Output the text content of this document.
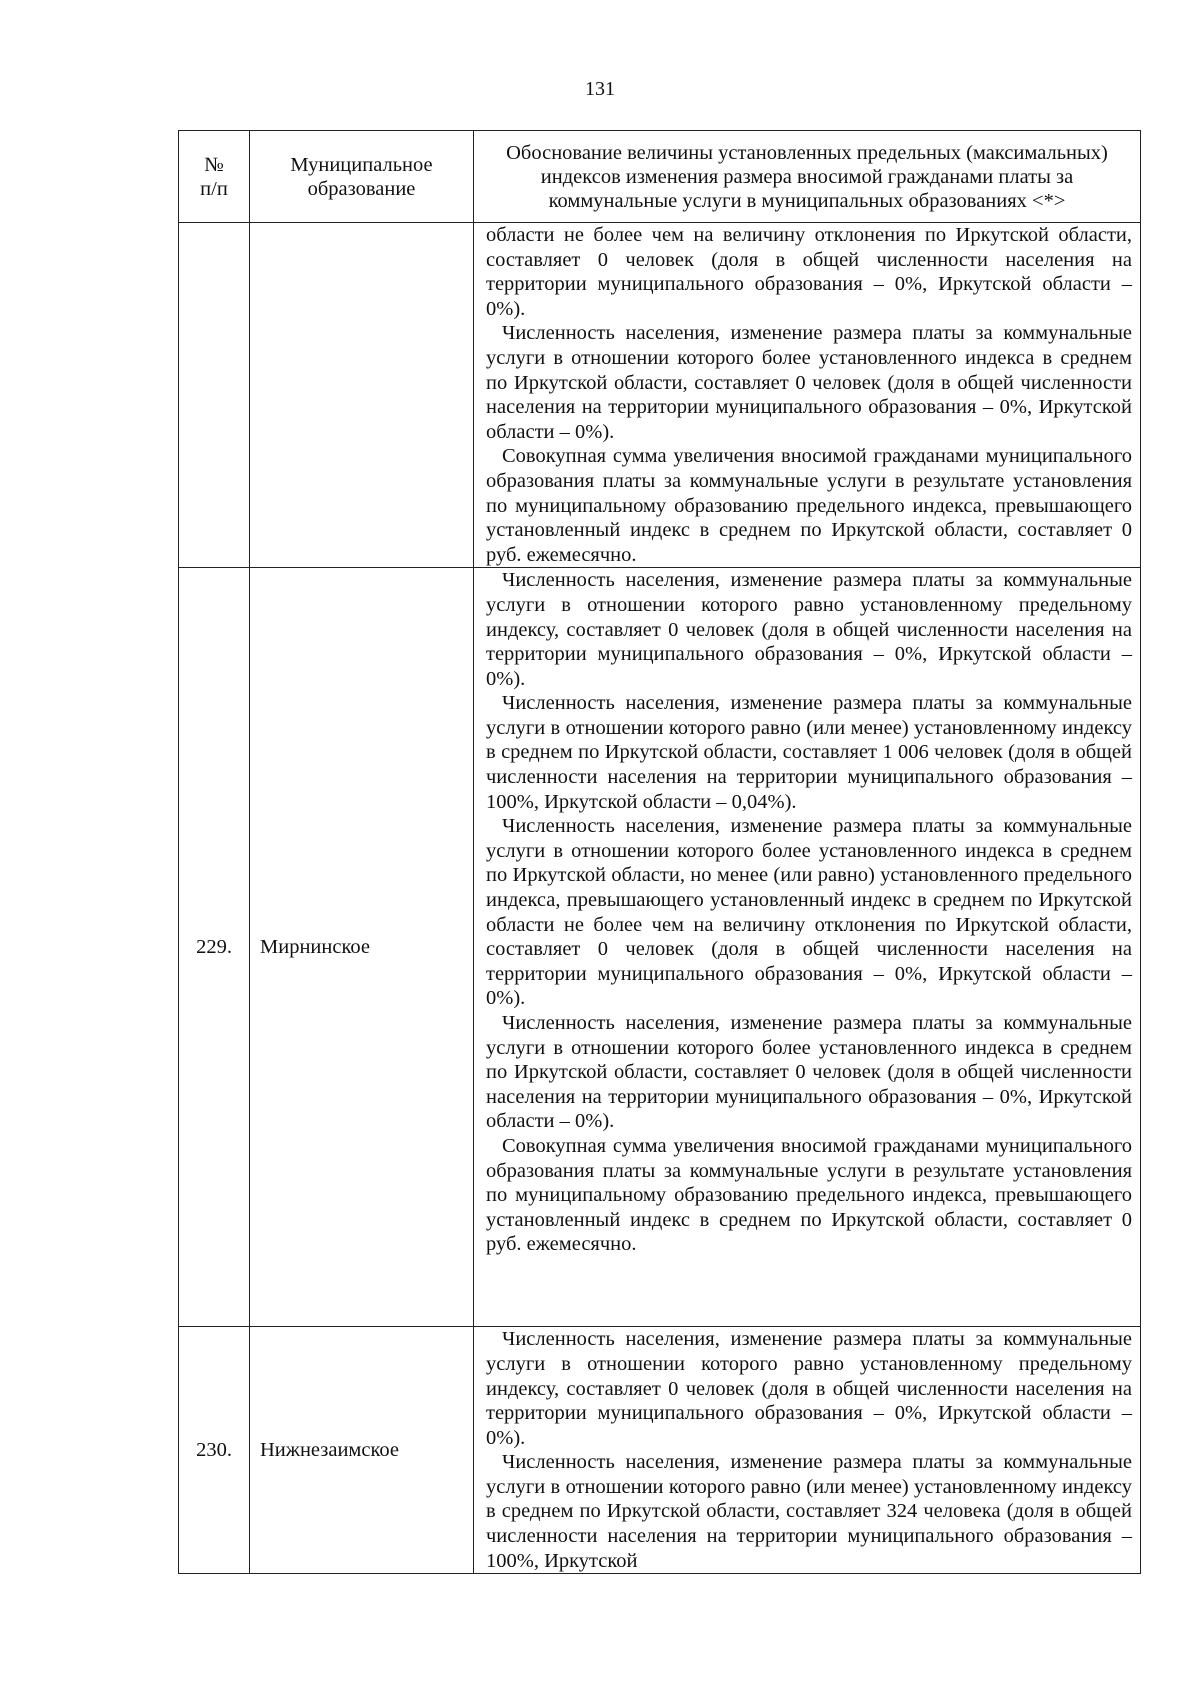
131
№
п/п	Муниципальное образование	Обоснование величины установленных предельных (максимальных) индексов изменения размера вносимой гражданами платы за коммунальные услуги в муниципальных образованиях <*>

		области не более чем на величину отклонения по Иркутской области, составляет 0 человек (доля в общей численности населения на территории муниципального образования – 0%, Иркутской области – 0%).

Численность населения, изменение размера платы за коммунальные услуги в отношении которого более установленного индекса в среднем по Иркутской области, составляет 0 человек (доля в общей численности населения на территории муниципального образования – 0%, Иркутской области – 0%).

Совокупная сумма увеличения вносимой гражданами муниципального образования платы за коммунальные услуги в результате установления по муниципальному образованию предельного индекса, превышающего установленный индекс в среднем по Иркутской области, составляет 0 руб. ежемесячно.

229.	Мирнинское	Численность населения, изменение размера платы за коммунальные услуги в отношении которого равно установленному предельному индексу, составляет 0 человек (доля в общей численности населения на территории муниципального образования – 0%, Иркутской области – 0%).

Численность населения, изменение размера платы за коммунальные услуги в отношении которого равно (или менее) установленному индексу в среднем по Иркутской области, составляет 1 006 человек (доля в общей численности населения на территории муниципального образования – 100%, Иркутской области – 0,04%).

Численность населения, изменение размера платы за коммунальные услуги в отношении которого более установленного индекса в среднем по Иркутской области, но менее (или равно) установленного предельного индекса, превышающего установленный индекс в среднем по Иркутской области не более чем на величину отклонения по Иркутской области, составляет 0 человек (доля в общей численности населения на территории муниципального образования – 0%, Иркутской области – 0%).

Численность населения, изменение размера платы за коммунальные услуги в отношении которого более установленного индекса в среднем по Иркутской области, составляет 0 человек (доля в общей численности населения на территории муниципального образования – 0%, Иркутской области – 0%).

Совокупная сумма увеличения вносимой гражданами муниципального образования платы за коммунальные услуги в результате установления по муниципальному образованию предельного индекса, превышающего установленный индекс в среднем по Иркутской области, составляет 0 руб. ежемесячно.

230.	Нижнезаимское	Численность населения, изменение размера платы за коммунальные услуги в отношении которого равно установленному предельному индексу, составляет 0 человек (доля в общей численности населения на территории муниципального образования – 0%, Иркутской области – 0%).

Численность населения, изменение размера платы за коммунальные услуги в отношении которого равно (или менее) установленному индексу в среднем по Иркутской области, составляет 324 человека (доля в общей численности населения на территории муниципального образования – 100%, Иркутской
